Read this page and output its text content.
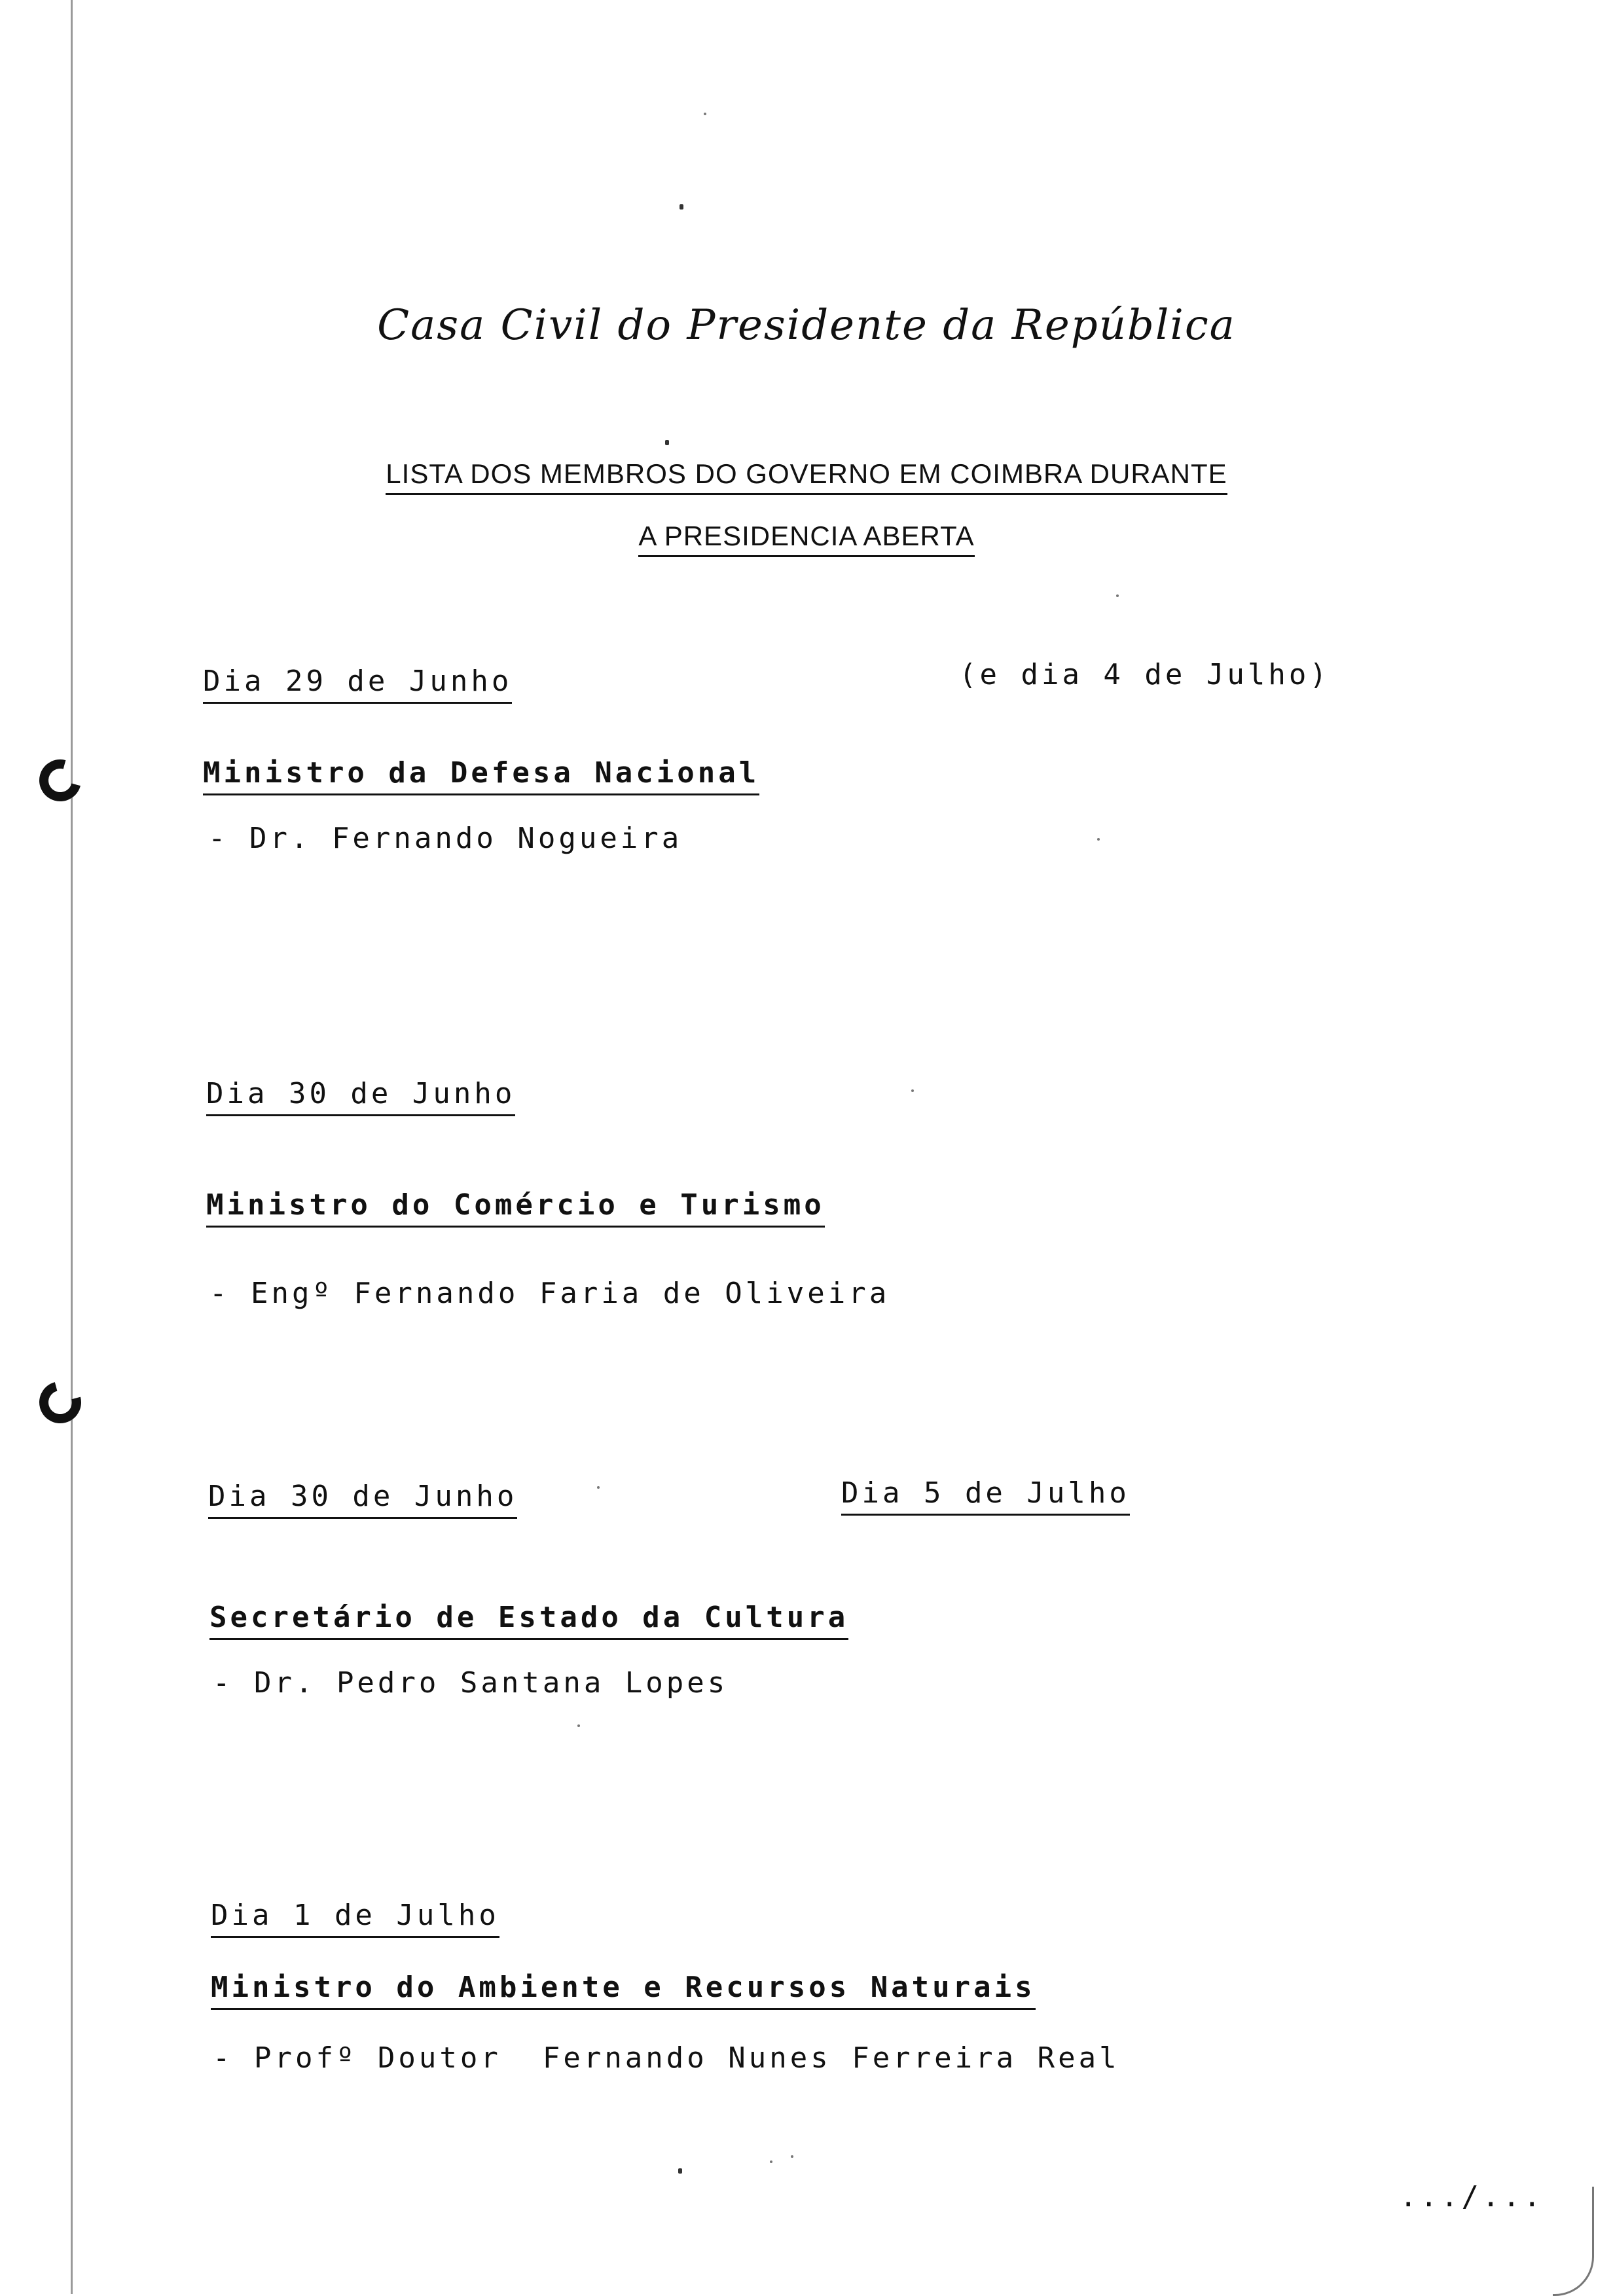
Casa Civil do Presidente da República
LISTA DOS MEMBROS DO GOVERNO EM COIMBRA DURANTE
A PRESIDENCIA ABERTA
Dia 29 de Junho	(e dia 4 de Julho)
Ministro da Defesa Nacional
- Dr. Fernando Nogueira
Dia 30 de Junho
Ministro do Comércio e Turismo
- Engº Fernando Faria de Oliveira
Dia 30 de Junho	Dia 5 de Julho
Secretário de Estado da Cultura
- Dr. Pedro Santana Lopes
Dia 1 de Julho
Ministro do Ambiente e Recursos Naturais
- Profº Doutor  Fernando Nunes Ferreira Real
.../...
